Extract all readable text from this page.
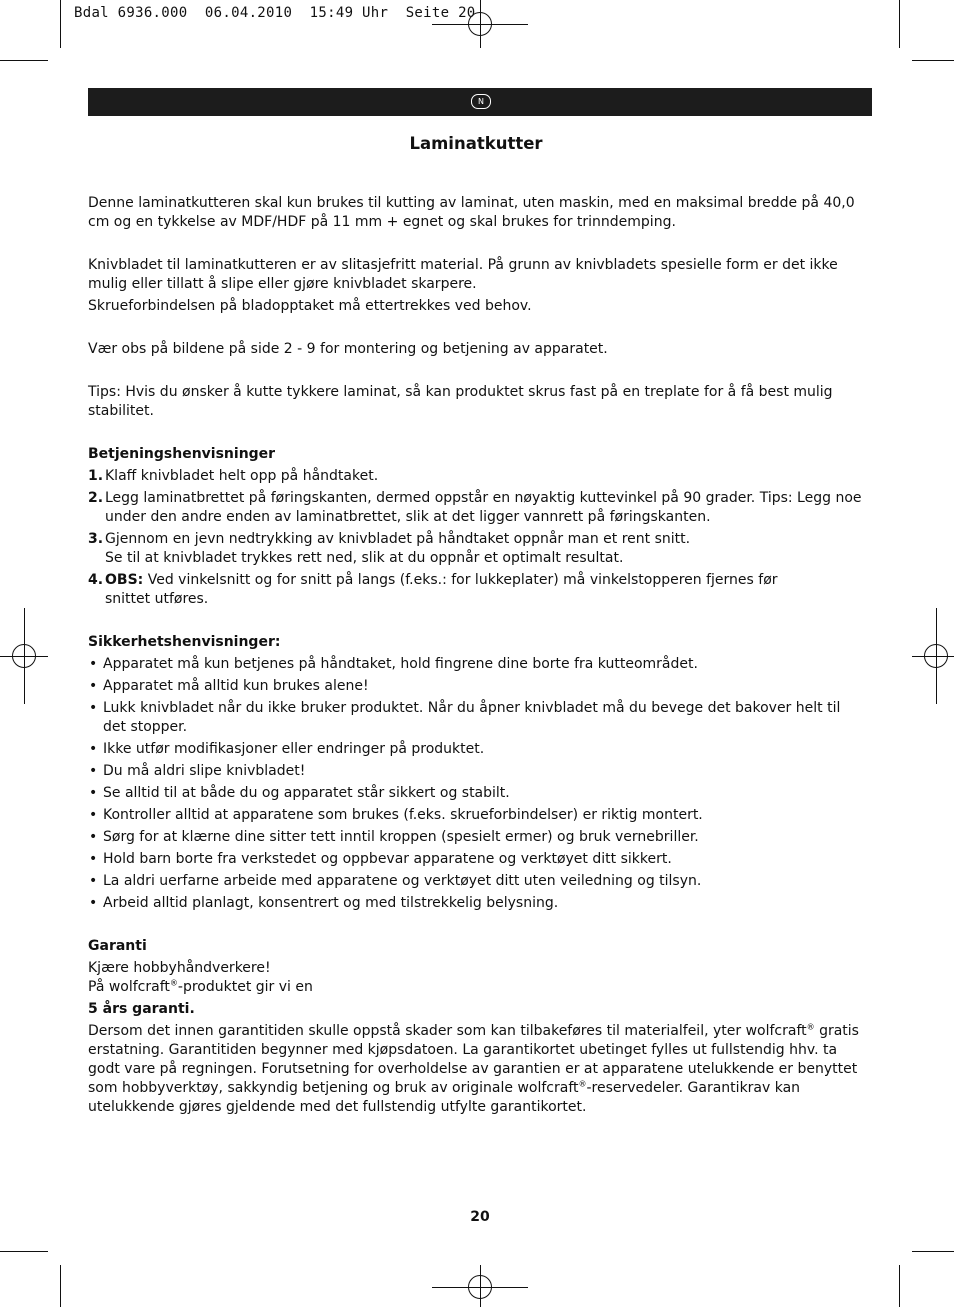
Bdal 6936.000  06.04.2010  15:49 Uhr  Seite 20
N
Laminatkutter

Denne laminatkutteren skal kun brukes til kutting av laminat, uten maskin, med en maksimal bredde på 40,0 cm og en tykkelse av MDF/HDF på 11 mm + egnet og skal brukes for trinndemping.

Knivbladet til laminatkutteren er av slitasjefritt material. På grunn av knivbladets spesielle form er det ikke mulig eller tillatt å slipe eller gjøre knivbladet skarpere.

Skrueforbindelsen på bladopptaket må ettertrekkes ved behov.

Vær obs på bildene på side 2 - 9 for montering og betjening av apparatet.

Tips: Hvis du ønsker å kutte tykkere laminat, så kan produktet skrus fast på en treplate for å få best mulig stabilitet.

Betjeningshenvisninger

1. Klaff knivbladet helt opp på håndtaket.
2. Legg laminatbrettet på føringskanten, dermed oppstår en nøyaktig kuttevinkel på 90 grader. Tips: Legg noe under den andre enden av laminatbrettet, slik at det ligger vannrett på føringskanten.
3. Gjennom en jevn nedtrykking av knivbladet på håndtaket oppnår man et rent snitt.
Se til at knivbladet trykkes rett ned, slik at du oppnår et optimalt resultat.
4. OBS: Ved vinkelsnitt og for snitt på langs (f.eks.: for lukkeplater) må vinkelstopperen fjernes før snittet utføres.

Sikkerhetshenvisninger:

• Apparatet må kun betjenes på håndtaket, hold fingrene dine borte fra kutteområdet.
• Apparatet må alltid kun brukes alene!
• Lukk knivbladet når du ikke bruker produktet. Når du åpner knivbladet må du bevege det bakover helt til det stopper.
• Ikke utfør modifikasjoner eller endringer på produktet.
• Du må aldri slipe knivbladet!
• Se alltid til at både du og apparatet står sikkert og stabilt.
• Kontroller alltid at apparatene som brukes (f.eks. skrueforbindelser) er riktig montert.
• Sørg for at klærne dine sitter tett inntil kroppen (spesielt ermer) og bruk vernebriller.
• Hold barn borte fra verkstedet og oppbevar apparatene og verktøyet ditt sikkert.
• La aldri uerfarne arbeide med apparatene og verktøyet ditt uten veiledning og tilsyn.
• Arbeid alltid planlagt, konsentrert og med tilstrekkelig belysning.

Garanti

Kjære hobbyhåndverkere!

På wolfcraft®-produktet gir vi en

5 års garanti.

Dersom det innen garantitiden skulle oppstå skader som kan tilbakeføres til materialfeil, yter wolfcraft® gratis erstatning. Garantitiden begynner med kjøpsdatoen. La garantikortet ubetinget fylles ut fullstendig hhv. ta godt vare på regningen. Forutsetning for overholdelse av garantien er at apparatene utelukkende er benyttet som hobbyverktøy, sakkyndig betjening og bruk av originale wolfcraft®-reservedeler. Garantikrav kan utelukkende gjøres gjeldende med det fullstendig utfylte garantikortet.

20
